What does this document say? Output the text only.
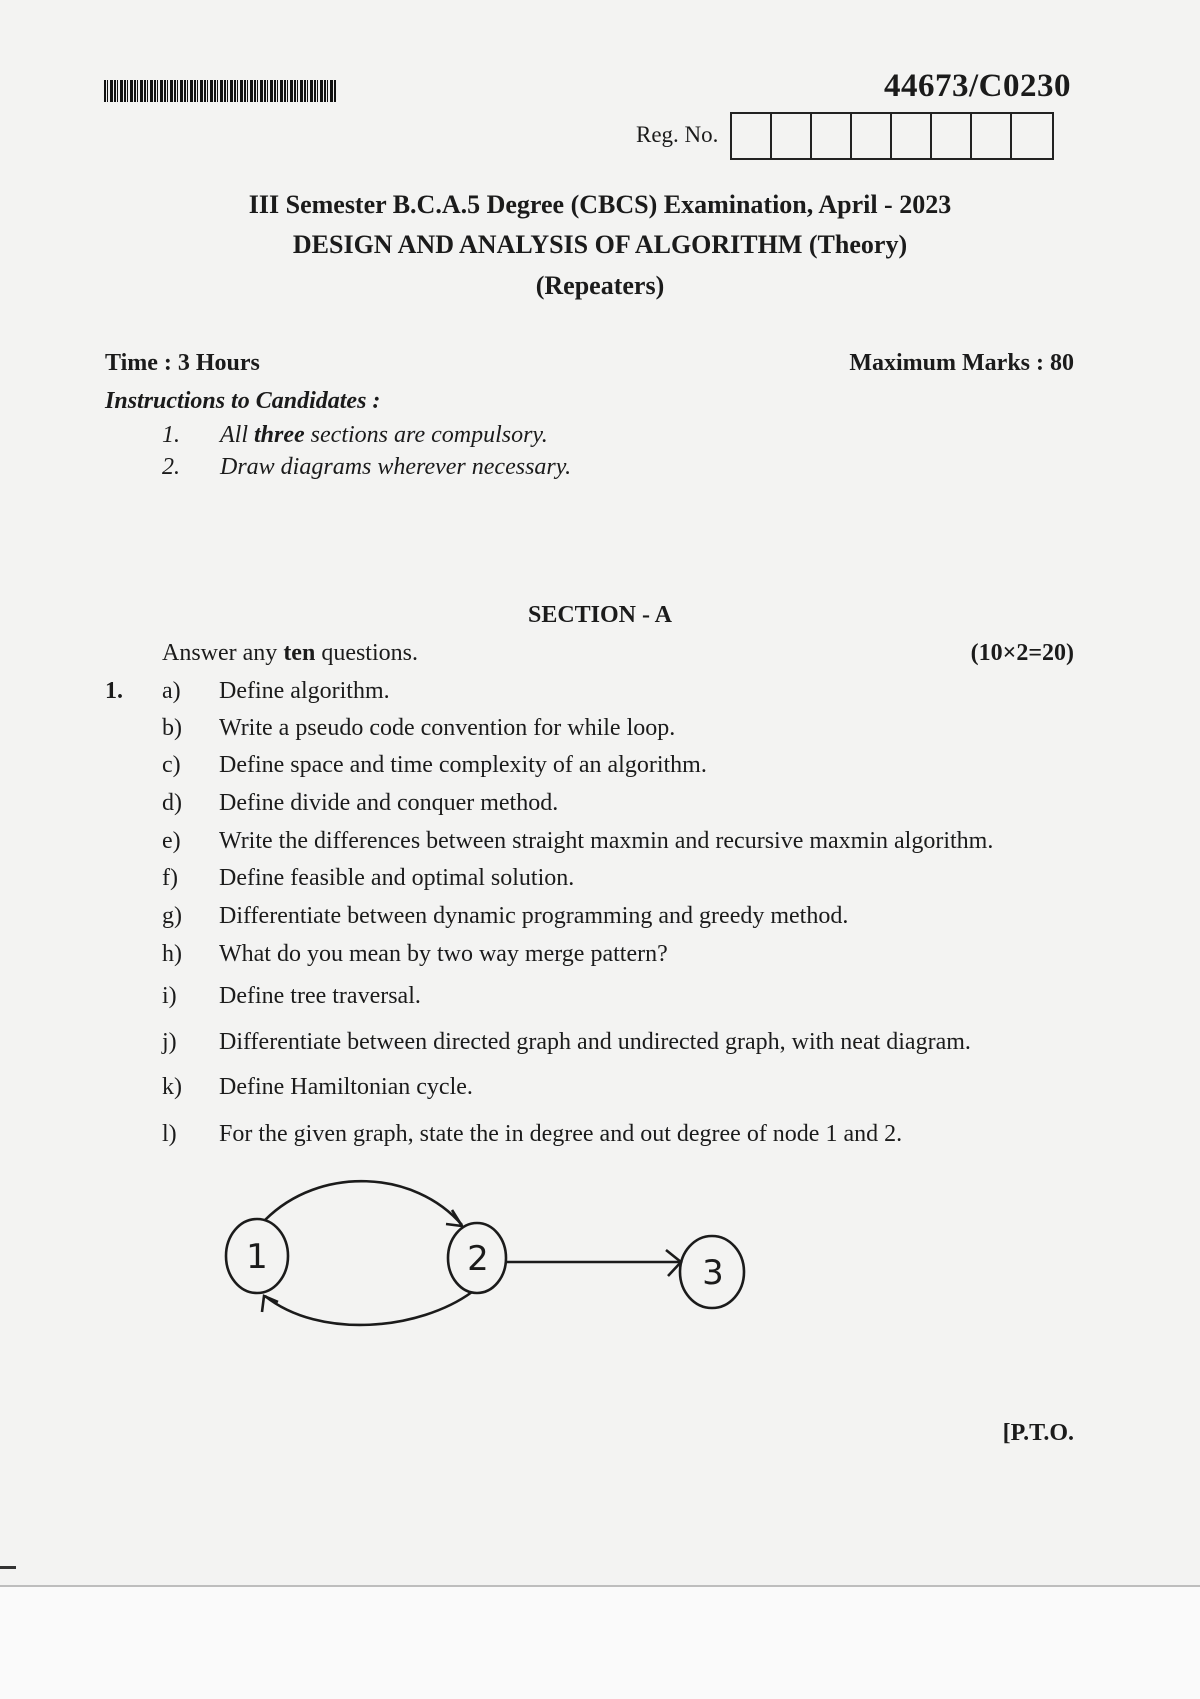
44673/C0230
Reg. No.
III Semester B.C.A.5 Degree (CBCS) Examination, April - 2023
DESIGN AND ANALYSIS OF ALGORITHM (Theory)
(Repeaters)
Time : 3 Hours	Maximum Marks : 80
Instructions to Candidates :
1. All three sections are compulsory.
2. Draw diagrams wherever necessary.
SECTION - A
Answer any ten questions.	(10×2=20)
1. a) Define algorithm.
b) Write a pseudo code convention for while loop.
c) Define space and time complexity of an algorithm.
d) Define divide and conquer method.
e) Write the differences between straight maxmin and recursive maxmin algorithm.
f) Define feasible and optimal solution.
g) Differentiate between dynamic programming and greedy method.
h) What do you mean by two way merge pattern?
i) Define tree traversal.
j) Differentiate between directed graph and undirected graph, with neat diagram.
k) Define Hamiltonian cycle.
l) For the given graph, state the in degree and out degree of node 1 and 2.
1	2	3
[P.T.O.
